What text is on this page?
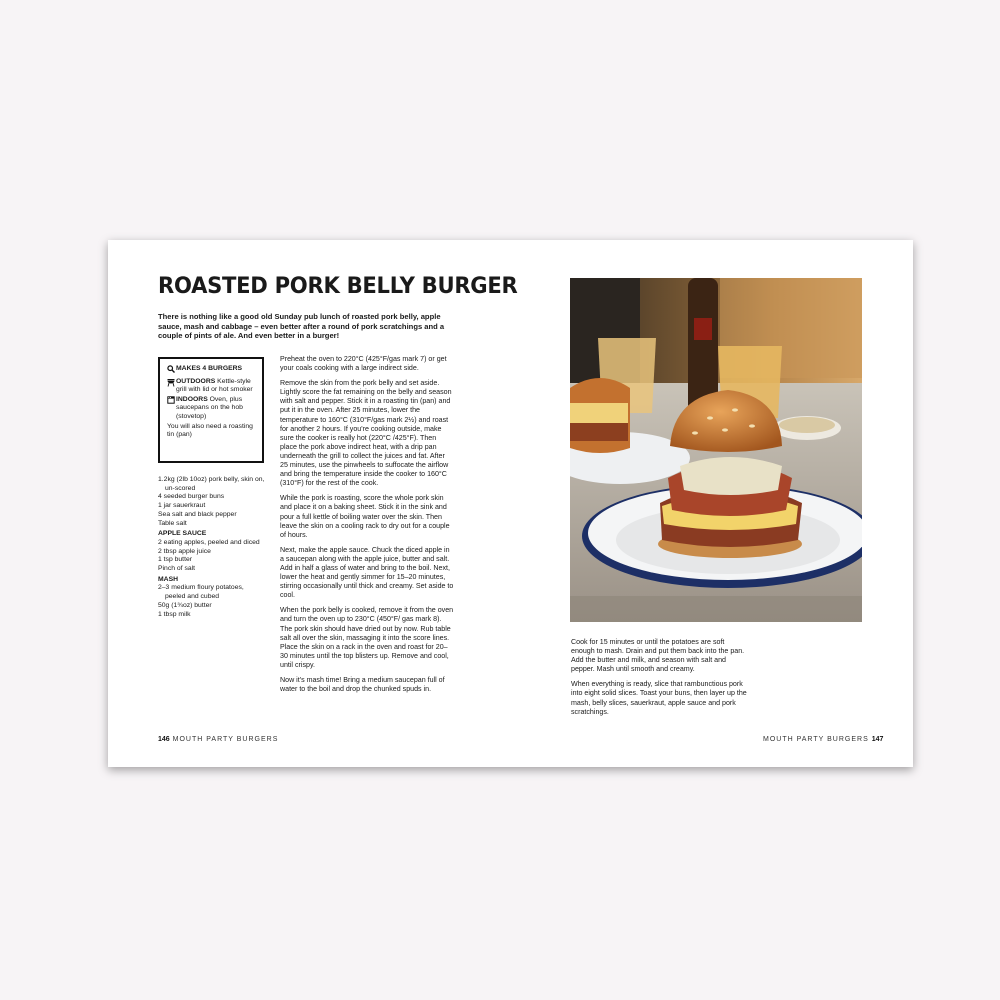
ROASTED PORK BELLY BURGER

There is nothing like a good old Sunday pub lunch of roasted pork belly, apple sauce, mash and cabbage – even better after a round of pork scratchings and a couple of pints of ale. And even better in a burger!

MAKES 4 BURGERS
OUTDOORS Kettle-style grill with lid or hot smoker
INDOORS Oven, plus saucepans on the hob (stovetop)
You will also need a roasting tin (pan)
1.2kg (2lb 10oz) pork belly, skin on,
un-scored
4 seeded burger buns
1 jar sauerkraut
Sea salt and black pepper
Table salt
APPLE SAUCE
2 eating apples, peeled and diced
2 tbsp apple juice
1 tsp butter
Pinch of salt
MASH
2–3 medium floury potatoes,
peeled and cubed
50g (1¾oz) butter
1 tbsp milk

Preheat the oven to 220°C (425°F/gas mark 7) or get your coals cooking with a large indirect side.

Remove the skin from the pork belly and set aside. Lightly score the fat remaining on the belly and season with salt and pepper. Stick it in a roasting tin (pan) and put it in the oven. After 25 minutes, lower the temperature to 160°C (310°F/gas mark 2½) and roast for another 2 hours. If you're cooking outside, make sure the cooker is really hot (220°C /425°F). Then place the pork above indirect heat, with a drip pan underneath the grill to collect the juices and fat. After 25 minutes, use the pinwheels to suffocate the airflow and bring the temperature inside the cooker to 160°C (310°F) for the rest of the cook.

While the pork is roasting, score the whole pork skin and place it on a baking sheet. Stick it in the sink and pour a full kettle of boiling water over the skin. Then leave the skin on a cooling rack to dry out for a couple of hours.

Next, make the apple sauce. Chuck the diced apple in a saucepan along with the apple juice, butter and salt. Add in half a glass of water and bring to the boil. Next, lower the heat and gently simmer for 15–20 minutes, stirring occasionally until thick and creamy. Set aside to cool.

When the pork belly is cooked, remove it from the oven and turn the oven up to 230°C (450°F/ gas mark 8). The pork skin should have dried out by now. Rub table salt all over the skin, massaging it into the score lines. Place the skin on a rack in the oven and roast for 20–30 minutes until the top blisters up. Remove and cool, until crispy.

Now it's mash time! Bring a medium saucepan full of water to the boil and drop the chunked spuds in.

146 MOUTH PARTY BURGERS

Cook for 15 minutes or until the potatoes are soft enough to mash. Drain and put them back into the pan. Add the butter and milk, and season with salt and pepper. Mash until smooth and creamy.

When everything is ready, slice that rambunctious pork into eight solid slices. Toast your buns, then layer up the mash, belly slices, sauerkraut, apple sauce and pork scratchings.

MOUTH PARTY BURGERS 147
